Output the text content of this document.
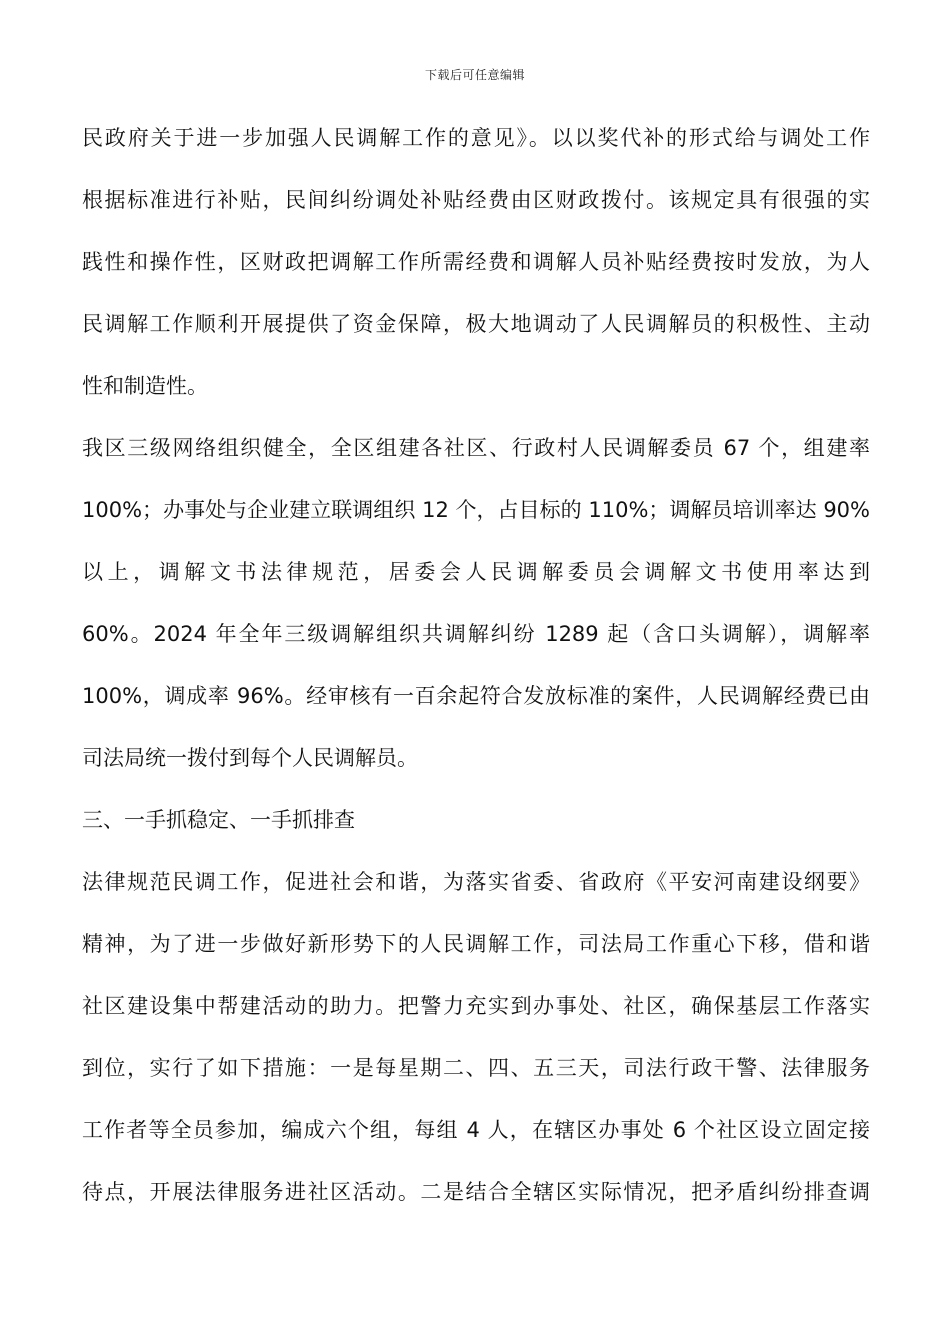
下载后可任意编辑
民政府关于进一步加强人民调解工作的意见》。以以奖代补的形式给与调处工作
根据标准进行补贴，民间纠纷调处补贴经费由区财政拨付。该规定具有很强的实
践性和操作性，区财政把调解工作所需经费和调解人员补贴经费按时发放，为人
民调解工作顺利开展提供了资金保障，极大地调动了人民调解员的积极性、主动
性和制造性。
我区三级网络组织健全，全区组建各社区、行政村人民调解委员 67 个，组建率
100%；办事处与企业建立联调组织 12 个，占目标的 110%；调解员培训率达 90%
以上，调解文书法律规范，居委会人民调解委员会调解文书使用率达到
60%。2024 年全年三级调解组织共调解纠纷 1289 起（含口头调解），调解率
100%，调成率 96%。经审核有一百余起符合发放标准的案件，人民调解经费已由
司法局统一拨付到每个人民调解员。
三、一手抓稳定、一手抓排查
法律规范民调工作，促进社会和谐，为落实省委、省政府《平安河南建设纲要》
精神，为了进一步做好新形势下的人民调解工作，司法局工作重心下移，借和谐
社区建设集中帮建活动的助力。把警力充实到办事处、社区，确保基层工作落实
到位，实行了如下措施：一是每星期二、四、五三天，司法行政干警、法律服务
工作者等全员参加，编成六个组，每组 4 人，在辖区办事处 6 个社区设立固定接
待点，开展法律服务进社区活动。二是结合全辖区实际情况，把矛盾纠纷排查调
